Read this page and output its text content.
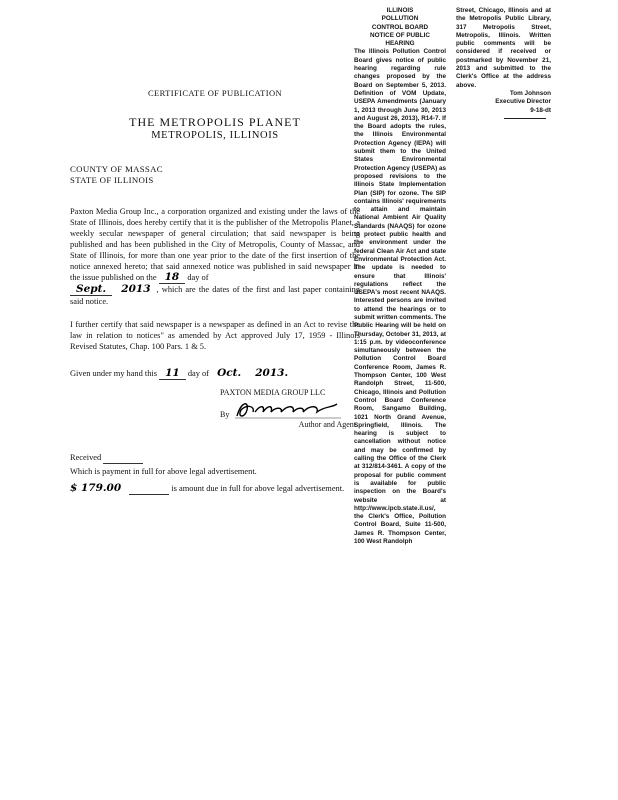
CERTIFICATE OF PUBLICATION

THE METROPOLIS PLANET

METROPOLIS, ILLINOIS

COUNTY OF MASSAC

STATE OF ILLINOIS

Paxton Media Group Inc., a corporation organized and existing under the laws of the State of Illinois, does hereby certify that it is the publisher of the Metropolis Planet, a weekly secular newspaper of general circulation; that said newspaper is being published and has been published in the City of Metropolis, County of Massac, and State of Illinois, for more than one year prior to the date of the first insertion of the notice annexed hereto; that said annexed notice was published in said newspaper in the issue published on the 18 day of
Sept. 2013 , which are the dates of the first and last paper containing said notice.

I further certify that said newspaper is a newspaper as defined in an Act to revise the law in relation to notices" as amended by Act approved July 17, 1959 - Illinois Revised Statutes, Chap. 100 Pars. 1 & 5.

Given under my hand this 11 day of Oct. 2013.

PAXTON MEDIA GROUP LLC
By
Author and Agent

Received

Which is payment in full for above legal advertisement.

$ 179.00	is amount due in full for above legal advertisement.

ILLINOIS

POLLUTION

CONTROL BOARD

NOTICE OF PUBLIC

HEARING

The Illinois Pollution Control Board gives notice of public hearing regarding rule changes proposed by the Board on September 5, 2013. Definition of VOM Update, USEPA Amendments (January 1, 2013 through June 30, 2013 and August 26, 2013), R14-7. If the Board adopts the rules, the Illinois Environmental Protection Agency (IEPA) will submit them to the United States Environmental Protection Agency (USEPA) as proposed revisions to the Illinois State Implementation Plan (SIP) for ozone. The SIP contains Illinois' requirements to attain and maintain National Ambient Air Quality Standards (NAAQS) for ozone to protect public health and the environment under the federal Clean Air Act and state Environmental Protection Act. The update is needed to ensure that Illinois' regulations reflect the USEPA's most recent NAAQS. Interested persons are invited to attend the hearings or to submit written comments. The Public Hearing will be held on Thursday, October 31, 2013, at 1:15 p.m. by videoconference simultaneously between the Pollution Control Board Conference Room, James R. Thompson Center, 100 West Randolph Street, 11-500, Chicago, Illinois and Pollution Control Board Conference Room, Sangamo Building, 1021 North Grand Avenue, Springfield, Illinois. The hearing is subject to cancellation without notice and may be confirmed by calling the Office of the Clerk at 312/814-3461. A copy of the proposal for public comment is available for public inspection on the Board's website at http://www.ipcb.state.il.us/, the Clerk's Office, Pollution Control Board, Suite 11-500, James R. Thompson Center, 100 West Randolph

Street, Chicago, Illinois and at the Metropolis Public Library, 317 Metropolis Street, Metropolis, Illinois. Written public comments will be considered if received or postmarked by November 21, 2013 and submitted to the Clerk's Office at the address above.

Tom Johnson

Executive Director

9-18-dt
